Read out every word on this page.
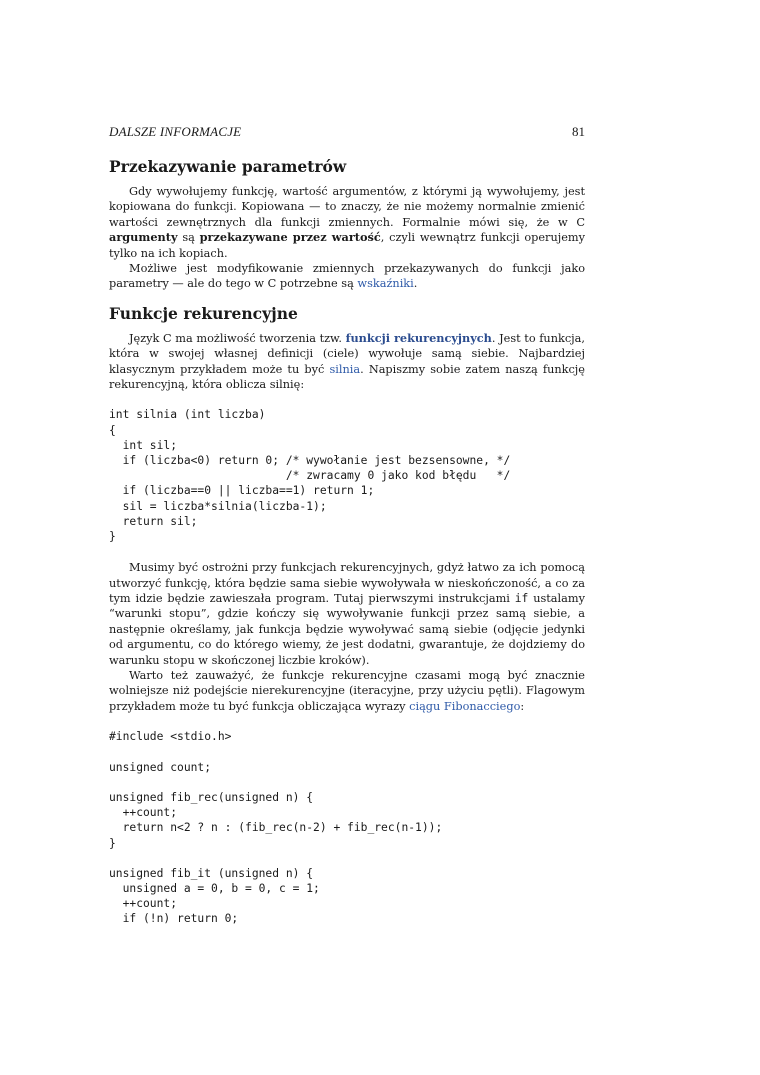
DALSZE INFORMACJE	81
Przekazywanie parametrów

Gdy wywołujemy funkcję, wartość argumentów, z którymi ją wywołujemy, jest kopiowana do funkcji. Kopiowana — to znaczy, że nie możemy normalnie zmienić wartości zewnętrznych dla funkcji zmiennych. Formalnie mówi się, że w C argumenty są przekazywane przez wartość, czyli wewnątrz funkcji operujemy tylko na ich kopiach.

Możliwe jest modyfikowanie zmiennych przekazywanych do funkcji jako parametry — ale do tego w C potrzebne są wskaźniki.

Funkcje rekurencyjne

Język C ma możliwość tworzenia tzw. funkcji rekurencyjnych. Jest to funkcja, która w swojej własnej definicji (ciele) wywołuje samą siebie. Najbardziej klasycznym przykładem może tu być silnia. Napiszmy sobie zatem naszą funkcję rekurencyjną, która oblicza silnię:

int silnia (int liczba)
{
int sil;
if (liczba<0) return 0; /* wywołanie jest bezsensowne, */
/* zwracamy 0 jako kod błędu   */
if (liczba==0 || liczba==1) return 1;
sil = liczba*silnia(liczba-1);
return sil;
}

Musimy być ostrożni przy funkcjach rekurencyjnych, gdyż łatwo za ich pomocą utworzyć funkcję, która będzie sama siebie wywoływała w nieskończoność, a co za tym idzie będzie zawieszała program. Tutaj pierwszymi instrukcjami if ustalamy “warunki stopu”, gdzie kończy się wywoływanie funkcji przez samą siebie, a następnie określamy, jak funkcja będzie wywoływać samą siebie (odjęcie jedynki od argumentu, co do którego wiemy, że jest dodatni, gwarantuje, że dojdziemy do warunku stopu w skończonej liczbie kroków).

Warto też zauważyć, że funkcje rekurencyjne czasami mogą być znacznie wolniejsze niż podejście nierekurencyjne (iteracyjne, przy użyciu pętli). Flagowym przykładem może tu być funkcja obliczająca wyrazy ciągu Fibonacciego:

#include <stdio.h>
unsigned count;
unsigned fib_rec(unsigned n) {
++count;
return n<2 ? n : (fib_rec(n-2) + fib_rec(n-1));
}
unsigned fib_it (unsigned n) {
unsigned a = 0, b = 0, c = 1;
++count;
if (!n) return 0;
